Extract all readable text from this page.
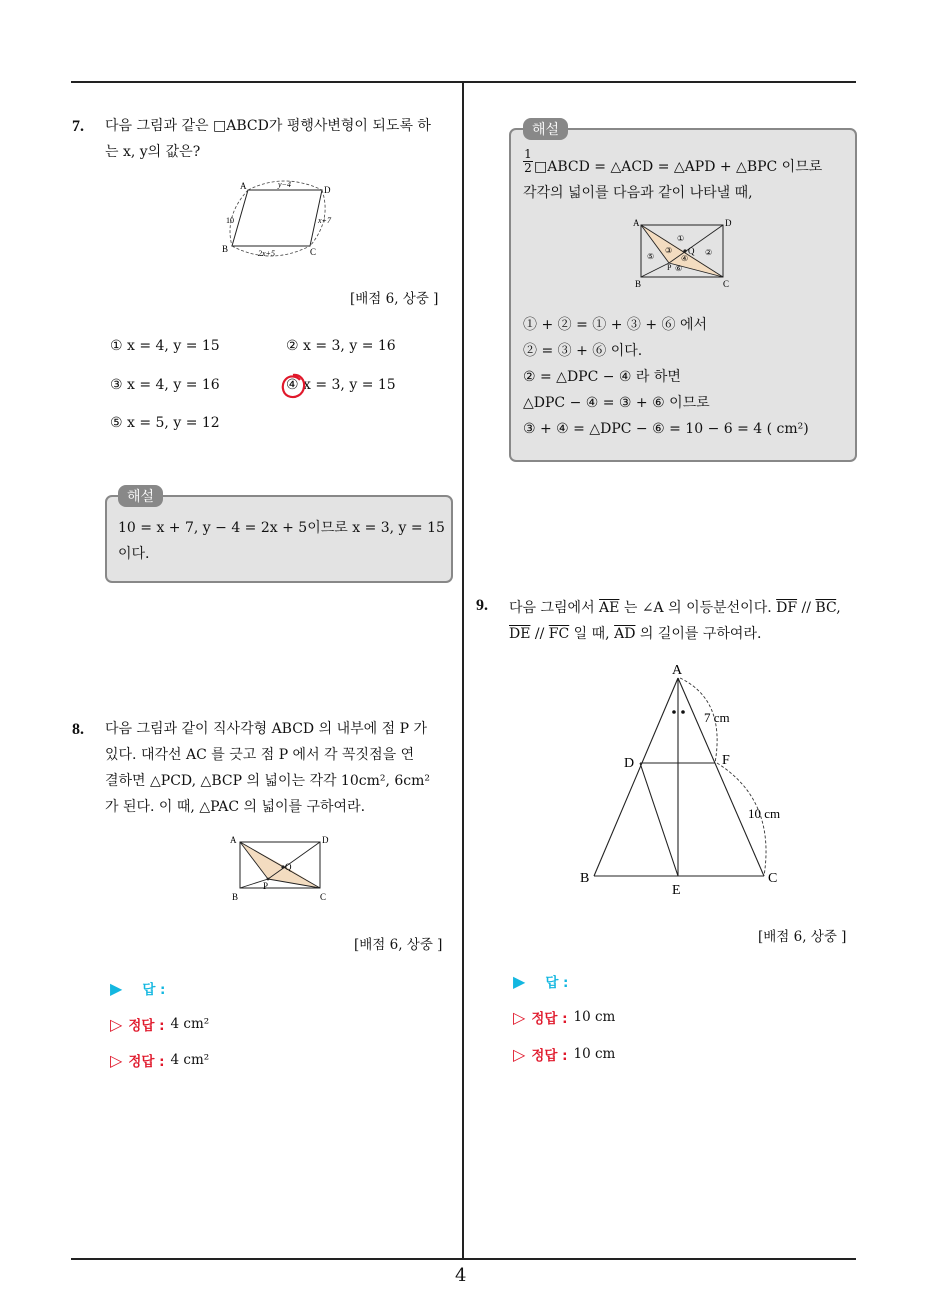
4
7. 다음 그림과 같은 □ABCD가 평행사변형이 되도록 하
는 x, y의 값은?
A	D
B	C
y−4
10	x+7
2x+5
[배점 6, 상중 ]
① x = 4, y = 15	② x = 3, y = 16
③ x = 4, y = 16	④ x = 3, y = 15
⑤ x = 5, y = 12
해설
10 = x + 7, y − 4 = 2x + 5이므로 x = 3, y = 15
이다.
8. 다음 그림과 같이 직사각형 ABCD 의 내부에 점 P 가
있다. 대각선 AC 를 긋고 점 P 에서 각 꼭짓점을 연
결하면 △PCD, △BCP 의 넓이는 각각 10cm², 6cm²
가 된다. 이 때, △PAC 의 넓이를 구하여라.
A	D
B	C
P
Q
[배점 6, 상중 ]
▶ 답 :
▷ 정답 : 4 cm²
▷ 정답 : 4 cm²
해설
$\frac{1}{2}$ □ABCD = △ACD = △APD + △BPC 이므로
각각의 넓이를 다음과 같이 나타낼 때,
A	D
B	C
P
Q
①
②
③
④
⑤
⑥
① + ② = ① + ③ + ⑥ 에서
② = ③ + ⑥ 이다.
② = △DPC − ④ 라 하면
△DPC − ④ = ③ + ⑥ 이므로
③ + ④ = △DPC − ⑥ = 10 − 6 = 4 ( cm²)
9. 다음 그림에서 $\overline{AE}$ 는 ∠A 의 이등분선이다. $\overline{DF} // \overline{BC}$,
$\overline{DE} // \overline{FC}$ 일 때, $\overline{AD}$ 의 길이를 구하여라.
A
D	F
B
E
C
7 cm
10 cm
[배점 6, 상중 ]
▶ 답 :
▷ 정답 : 10 cm
▷ 정답 : 10 cm
